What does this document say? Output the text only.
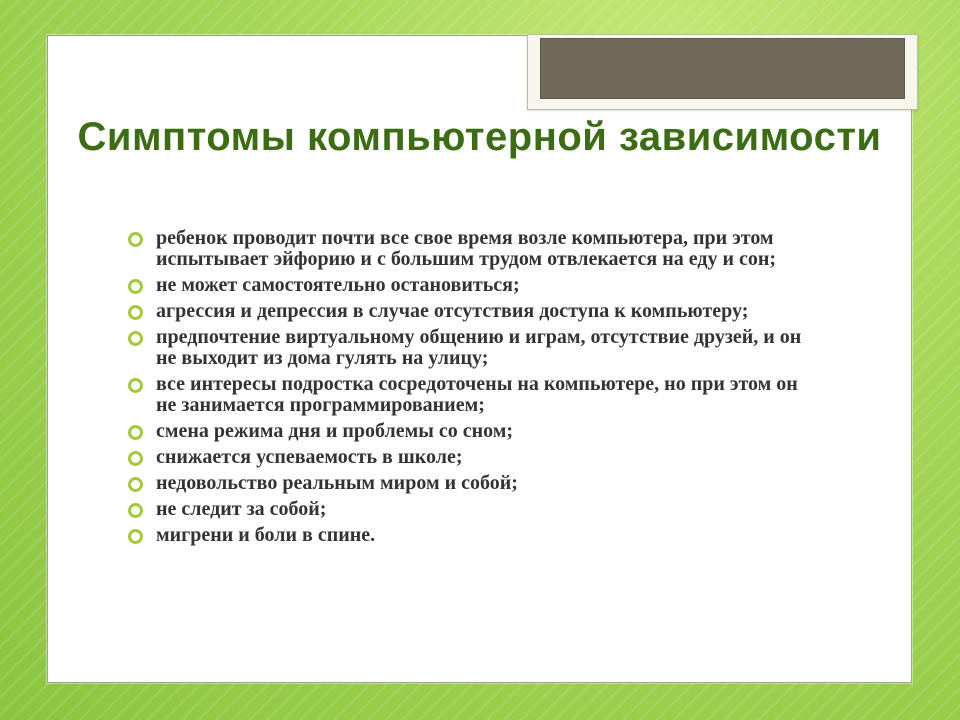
Симптомы компьютерной зависимости
ребенок проводит почти все свое время возле компьютера, при этом испытывает эйфорию и с большим трудом отвлекается на еду и сон;
не может самостоятельно остановиться;
агрессия и депрессия в случае отсутствия доступа к компьютеру;
предпочтение виртуальному общению и играм, отсутствие друзей, и он не выходит из дома гулять на улицу;
все интересы подростка сосредоточены на компьютере, но при этом он не занимается программированием;
смена режима дня и проблемы со сном;
снижается успеваемость в школе;
недовольство реальным миром и собой;
не следит за собой;
мигрени и боли в спине.
